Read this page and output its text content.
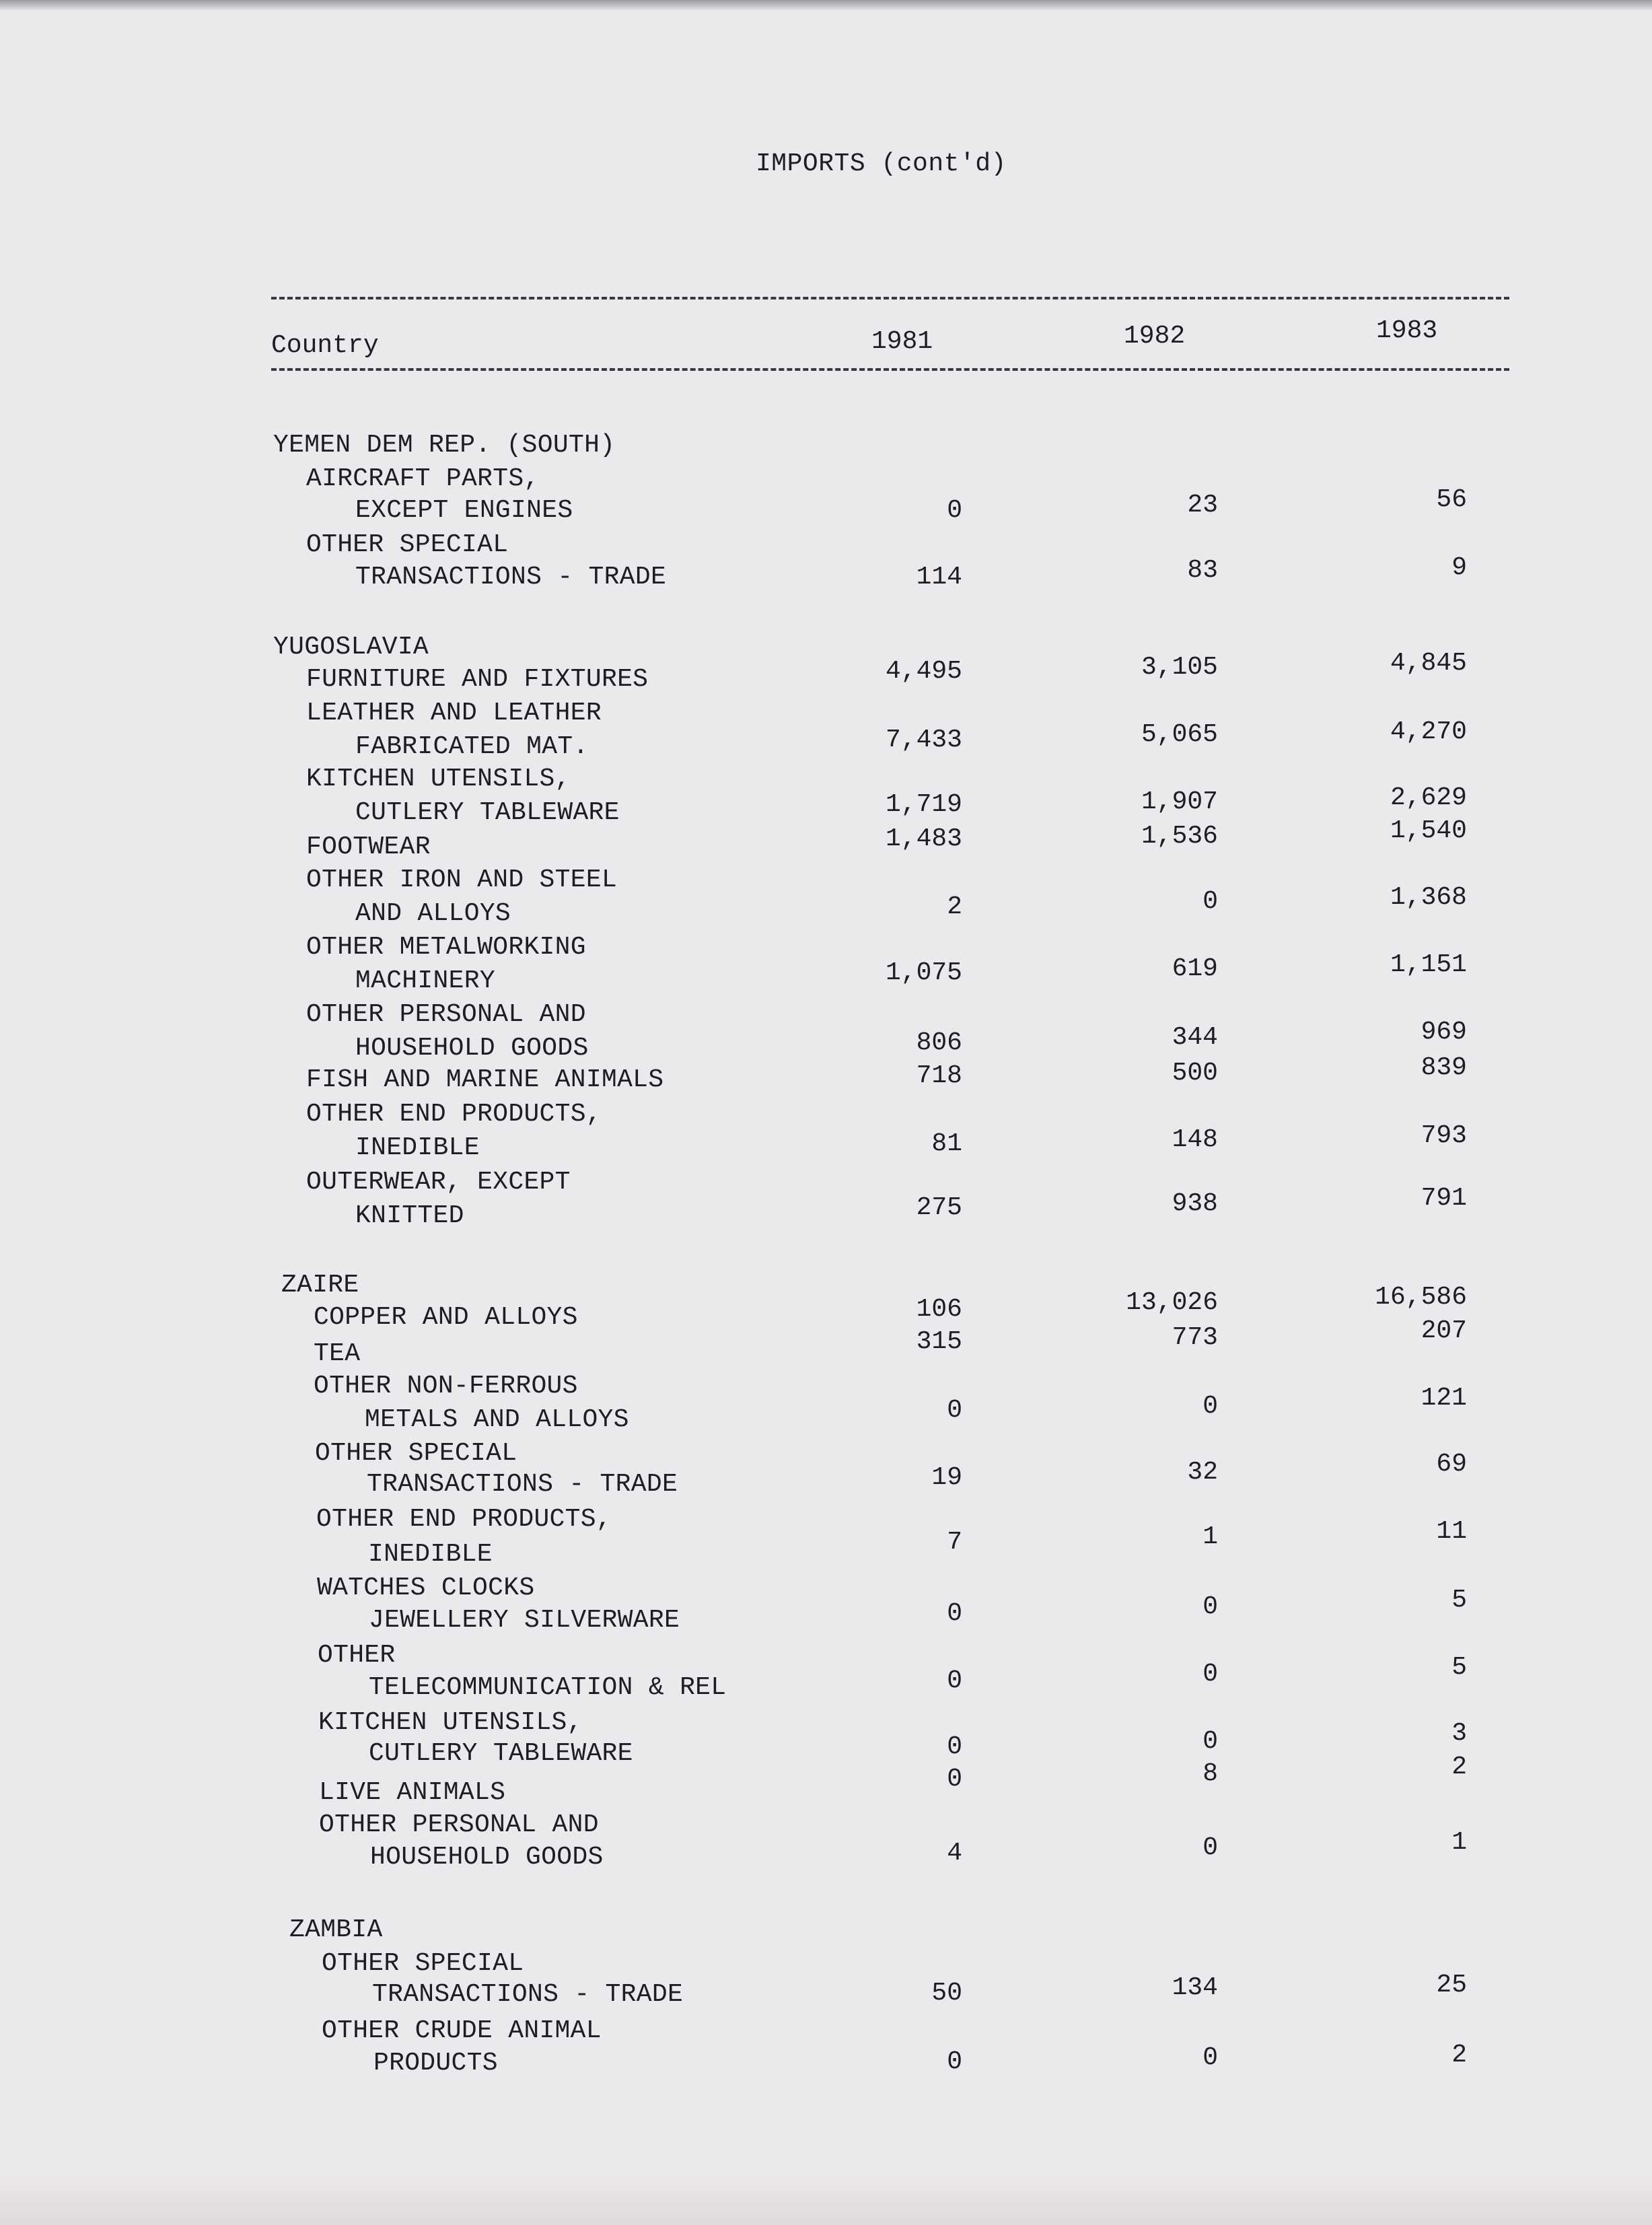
IMPORTS (cont'd)
Country	1981	1982	1983
YEMEN DEM REP. (SOUTH)
AIRCRAFT PARTS,
EXCEPT ENGINES	0	23	56
OTHER SPECIAL
TRANSACTIONS - TRADE	114	83	9
YUGOSLAVIA
FURNITURE AND FIXTURES	4,495	3,105	4,845
LEATHER AND LEATHER
FABRICATED MAT.	7,433	5,065	4,270
KITCHEN UTENSILS,
CUTLERY TABLEWARE	1,719	1,907	2,629
FOOTWEAR	1,483	1,536	1,540
OTHER IRON AND STEEL
AND ALLOYS	2	0	1,368
OTHER METALWORKING
MACHINERY	1,075	619	1,151
OTHER PERSONAL AND
HOUSEHOLD GOODS	806	344	969
FISH AND MARINE ANIMALS	718	500	839
OTHER END PRODUCTS,
INEDIBLE	81	148	793
OUTERWEAR, EXCEPT
KNITTED	275	938	791
ZAIRE
COPPER AND ALLOYS	106	13,026	16,586
TEA	315	773	207
OTHER NON-FERROUS
METALS AND ALLOYS	0	0	121
OTHER SPECIAL
TRANSACTIONS - TRADE	19	32	69
OTHER END PRODUCTS,
INEDIBLE	7	1	11
WATCHES CLOCKS
JEWELLERY SILVERWARE	0	0	5
OTHER
TELECOMMUNICATION & REL	0	0	5
KITCHEN UTENSILS,
CUTLERY TABLEWARE	0	0	3
LIVE ANIMALS	0	8	2
OTHER PERSONAL AND
HOUSEHOLD GOODS	4	0	1
ZAMBIA
OTHER SPECIAL
TRANSACTIONS - TRADE	50	134	25
OTHER CRUDE ANIMAL
PRODUCTS	0	0	2
